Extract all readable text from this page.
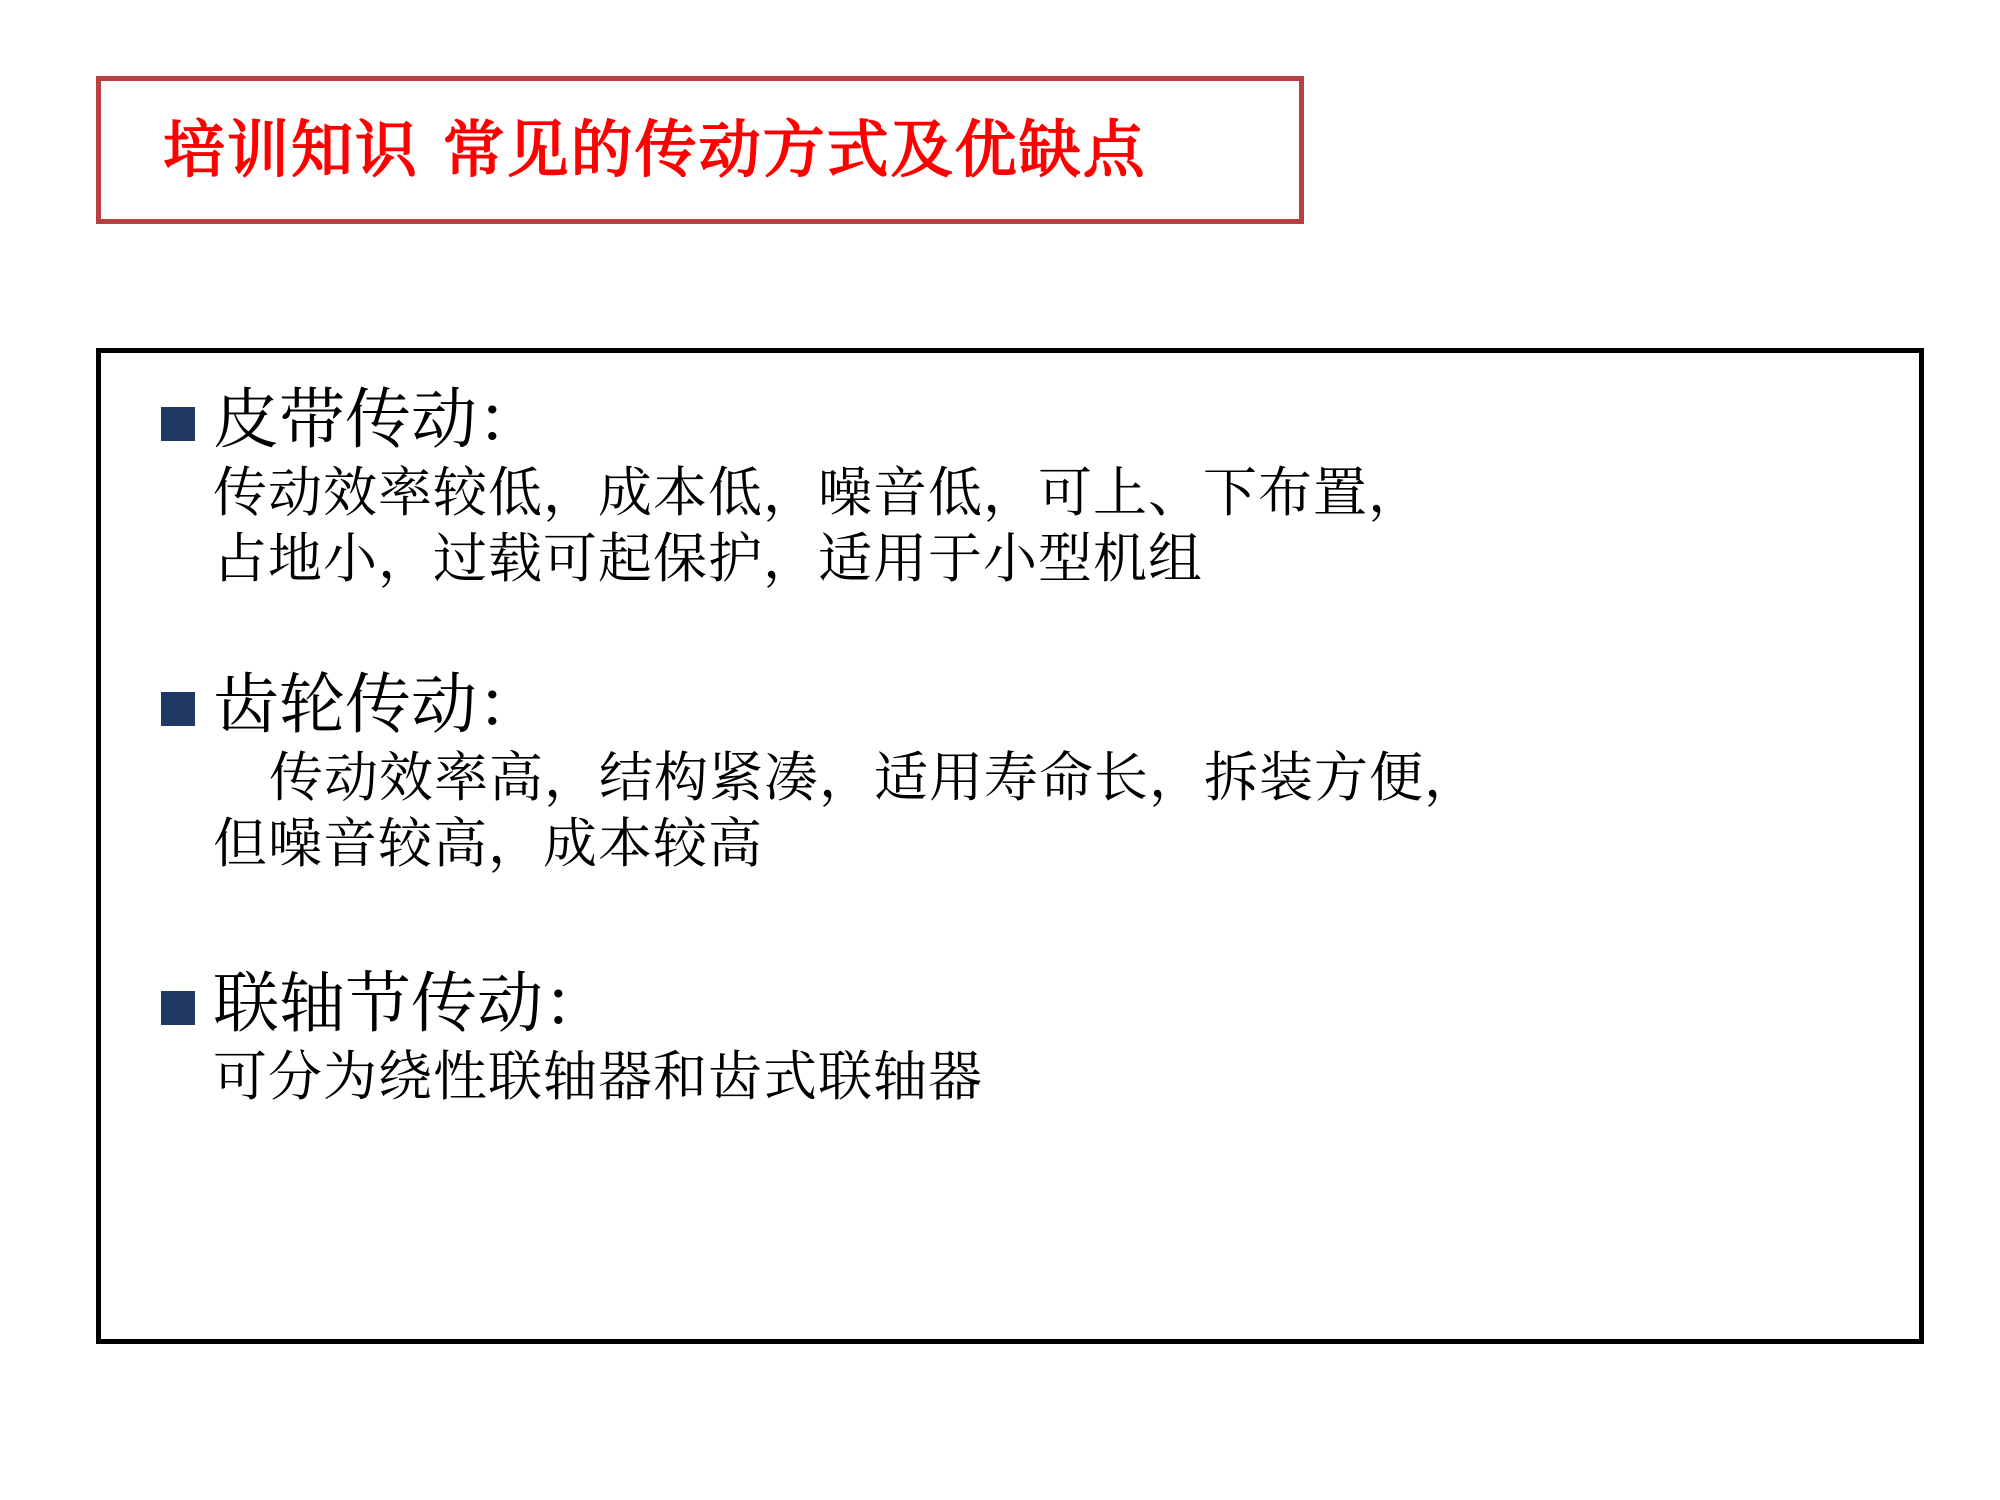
培训知识 常见的传动方式及优缺点
皮带传动：
传动效率较低，成本低，噪音低，可上、下布置，
占地小，过载可起保护，适用于小型机组
齿轮传动：
传动效率高，结构紧凑，适用寿命长，拆装方便，
但噪音较高，成本较高
联轴节传动：
可分为绕性联轴器和齿式联轴器
